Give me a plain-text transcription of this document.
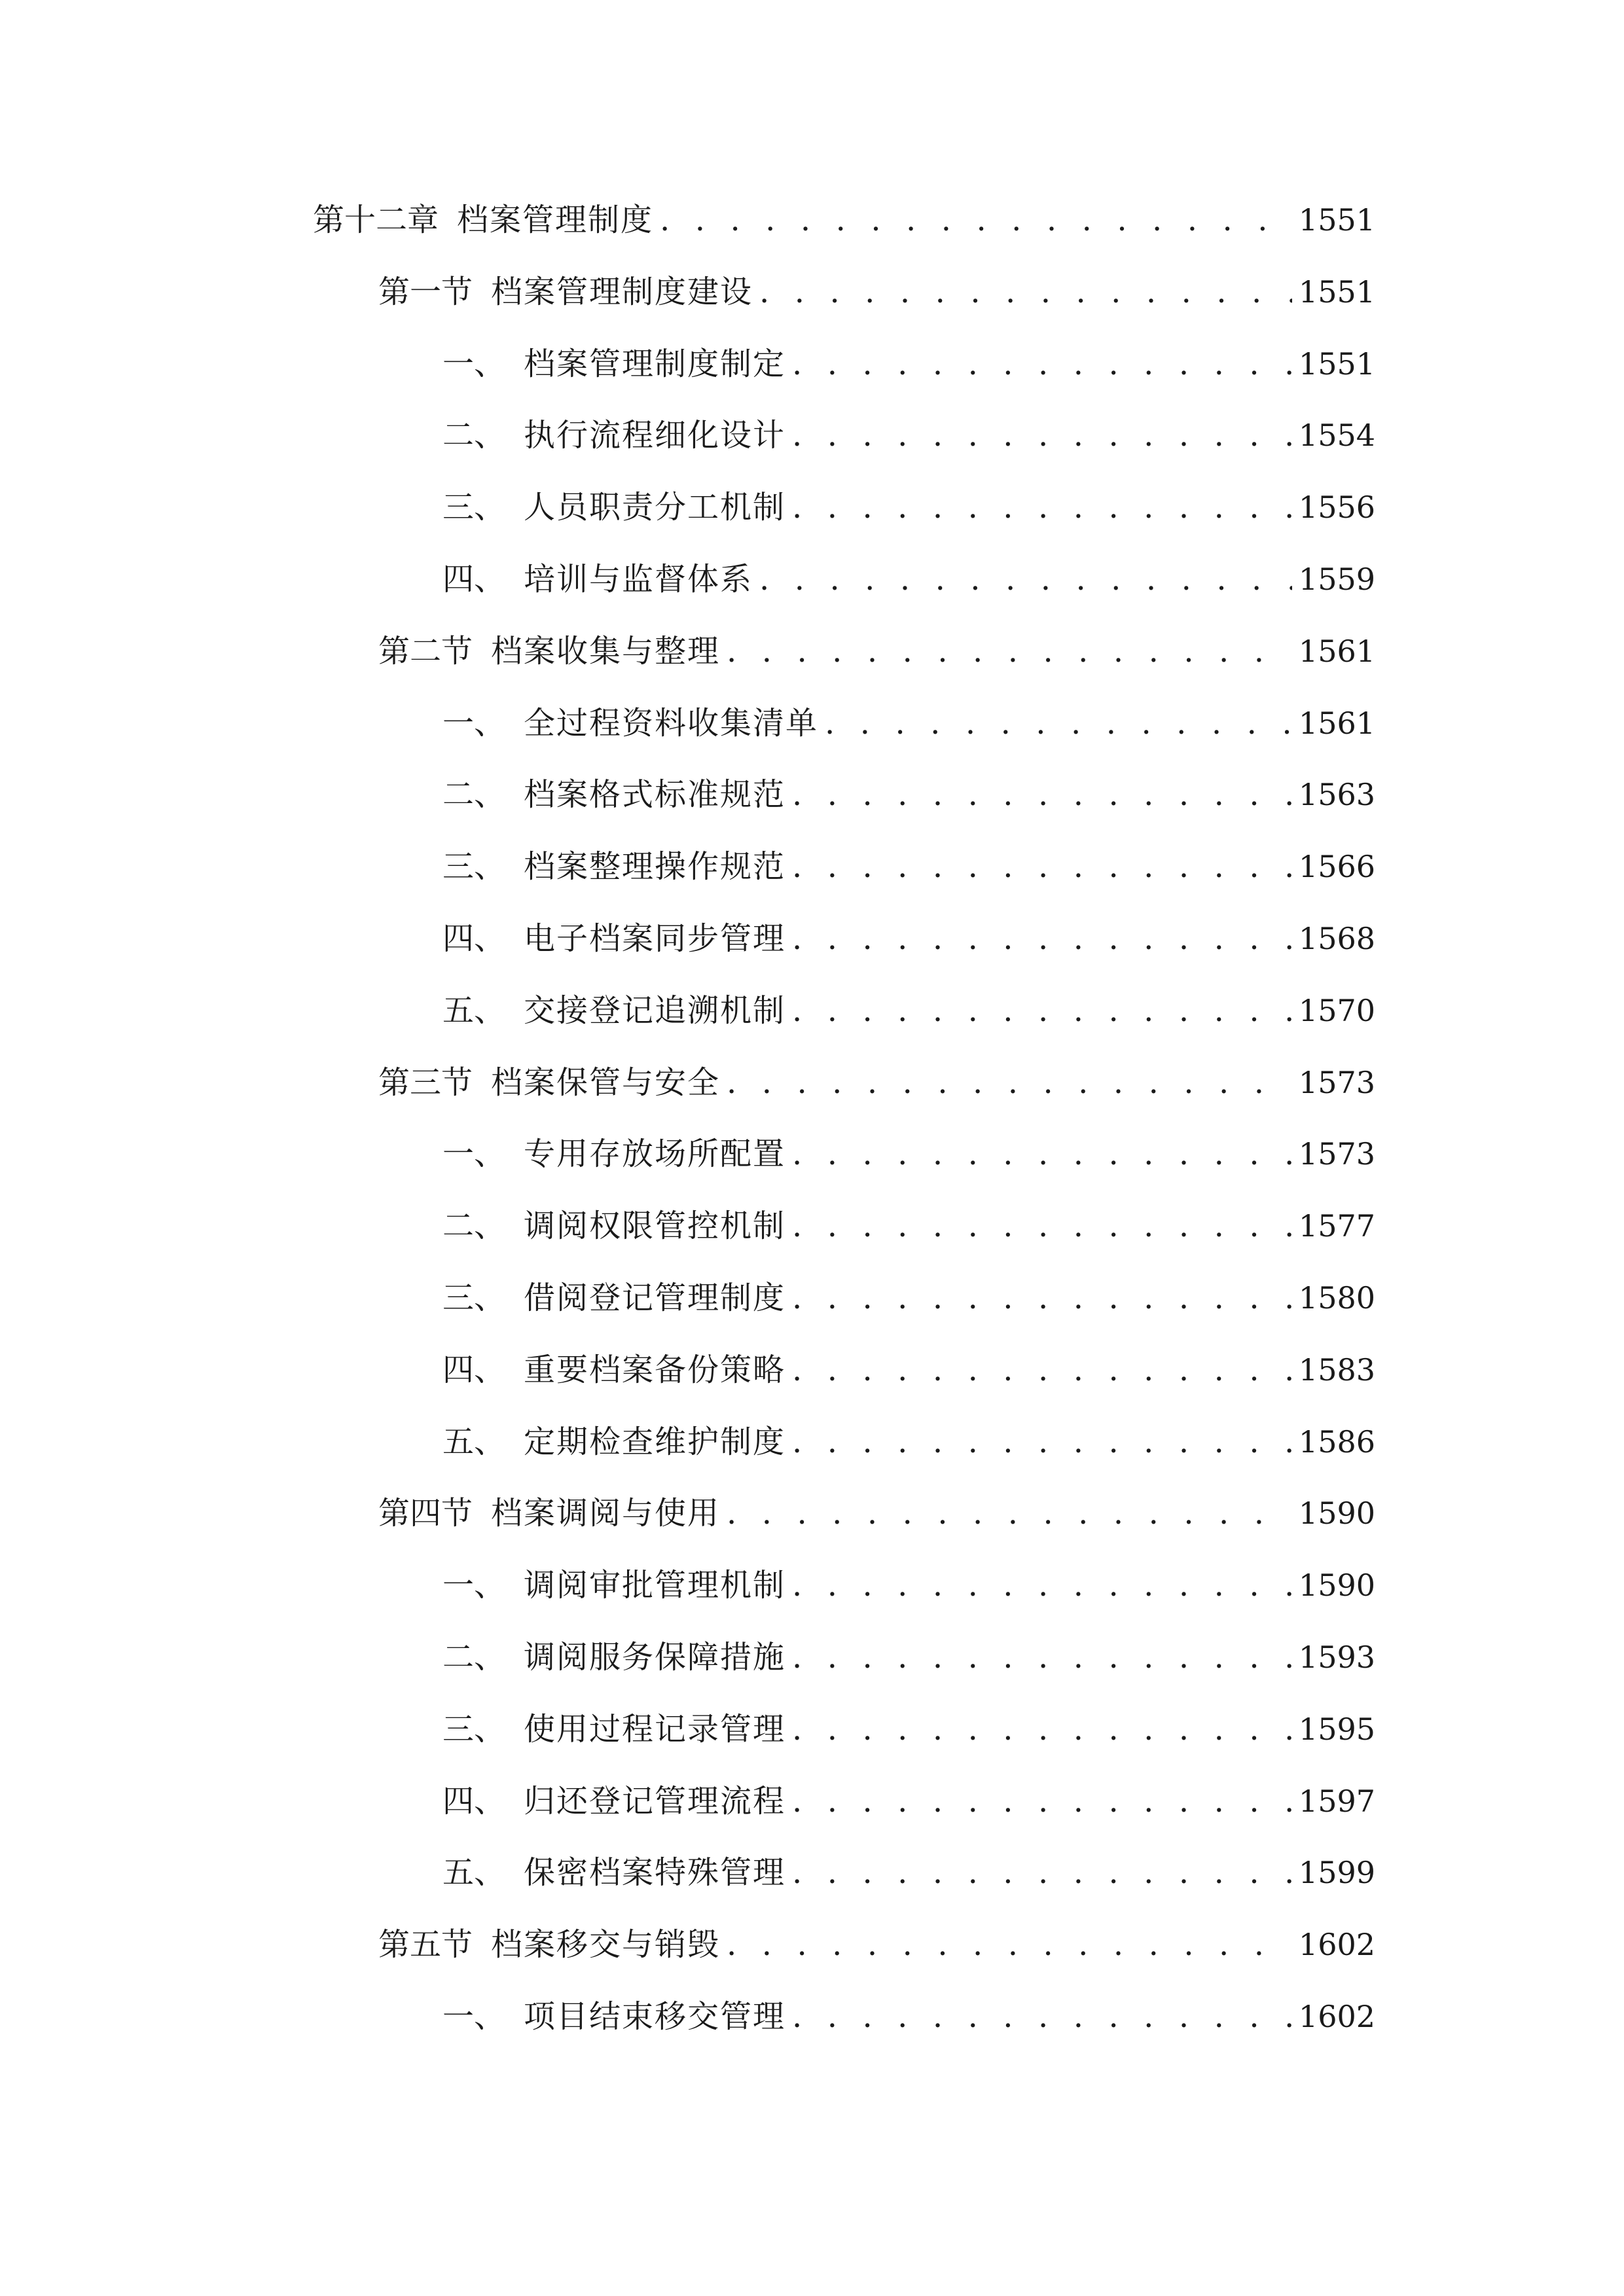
第十二章 档案管理制度 . . .	1551
第一节 档案管理制度建设 . . .	1551
一、 档案管理制度制定 . . .	1551
二、 执行流程细化设计 . . .	1554
三、 人员职责分工机制 . . .	1556
四、 培训与监督体系 . . .	1559
第二节 档案收集与整理 . . .	1561
一、 全过程资料收集清单 . . .	1561
二、 档案格式标准规范 . . .	1563
三、 档案整理操作规范 . . .	1566
四、 电子档案同步管理 . . .	1568
五、 交接登记追溯机制 . . .	1570
第三节 档案保管与安全 . . .	1573
一、 专用存放场所配置 . . .	1573
二、 调阅权限管控机制 . . .	1577
三、 借阅登记管理制度 . . .	1580
四、 重要档案备份策略 . . .	1583
五、 定期检查维护制度 . . .	1586
第四节 档案调阅与使用 . . .	1590
一、 调阅审批管理机制 . . .	1590
二、 调阅服务保障措施 . . .	1593
三、 使用过程记录管理 . . .	1595
四、 归还登记管理流程 . . .	1597
五、 保密档案特殊管理 . . .	1599
第五节 档案移交与销毁 . . .	1602
一、 项目结束移交管理 . . .	1602
